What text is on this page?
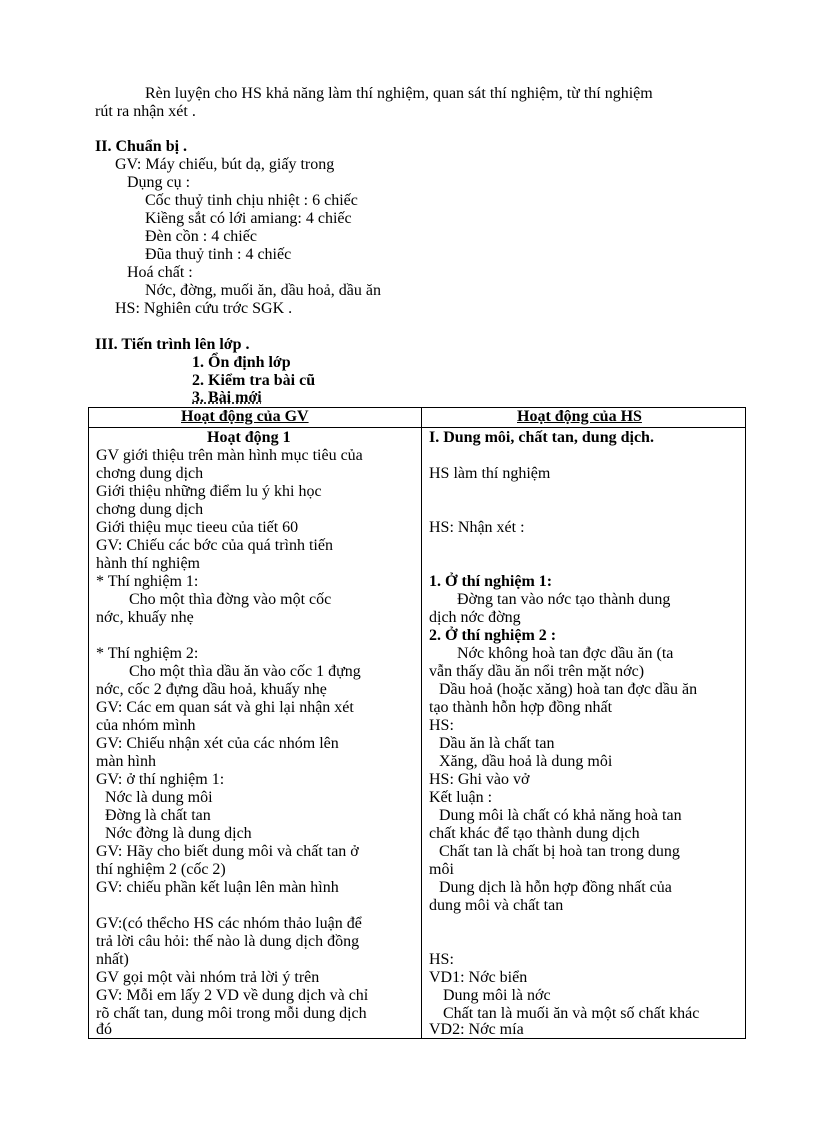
Rèn luyện cho HS khả năng làm thí nghiệm, quan sát thí nghiệm, từ thí nghiệm
rút ra nhận xét .
II. Chuẩn bị .
GV: Máy chiếu, bút dạ, giấy trong
Dụng cụ :
Cốc thuỷ tinh chịu nhiệt : 6 chiếc
Kiềng sắt có lới amiang: 4 chiếc
Đèn cồn : 4 chiếc
Đũa thuỷ tinh : 4 chiếc
Hoá chất :
Nớc, đờng, muối ăn, dầu hoả, dầu ăn
HS: Nghiên cứu trớc SGK .
III. Tiến trình lên lớp .
1. Ổn định lớp
2. Kiểm tra bài cũ
3. Bài mới
Hoạt động của GV	Hoạt động của HS
Hoạt động 1
GV giới thiệu trên màn hình mục tiêu của
chơng dung dịch
Giới thiệu những điểm lu ý khi học
chơng dung dịch
Giới thiệu mục tieeu của tiết 60
GV: Chiếu các bớc của quá trình tiến
hành thí nghiệm
* Thí nghiệm 1:
Cho một thìa đờng vào một cốc
nớc, khuấy nhẹ
* Thí nghiệm 2:
Cho một thìa dầu ăn vào cốc 1 đựng
nớc, cốc 2 đựng dầu hoả, khuấy nhẹ
GV: Các em quan sát và ghi lại nhận xét
của nhóm mình
GV: Chiếu nhận xét của các nhóm lên
màn hình
GV: ở thí nghiệm 1:
Nớc là dung môi
Đờng là chất tan
Nớc đờng là dung dịch
GV: Hãy cho biết dung môi và chất tan ở
thí nghiệm 2 (cốc 2)
GV: chiếu phần kết luận lên màn hình
GV:(có thểcho HS các nhóm thảo luận để
trả lời câu hỏi: thế nào là dung dịch đồng
nhất)
GV gọi một vài nhóm trả lời ý trên
GV: Mỗi em lấy 2 VD về dung dịch và chỉ
rõ chất tan, dung môi trong mỗi dung dịch
đó
I. Dung môi, chất tan, dung dịch.
HS làm thí nghiệm
HS: Nhận xét :
1. Ở thí nghiệm 1:
Đờng tan vào nớc tạo thành dung
dịch nớc đờng
2. Ở thí nghiệm 2 :
Nớc không hoà tan đợc dầu ăn (ta
vẫn thấy dầu ăn nổi trên mặt nớc)
Dầu hoả (hoặc xăng) hoà tan đợc dầu ăn
tạo thành hỗn hợp đồng nhất
HS:
Dầu ăn là chất tan
Xăng, dầu hoả là dung môi
HS: Ghi vào vở
Kết luận :
Dung môi là chất có khả năng hoà tan
chất khác để tạo thành dung dịch
Chất tan là chất bị hoà tan trong dung
môi
Dung dịch là hỗn hợp đồng nhất của
dung môi và chất tan
HS:
VD1: Nớc biển
Dung môi là nớc
Chất tan là muối ăn và một số chất khác
VD2: Nớc mía
